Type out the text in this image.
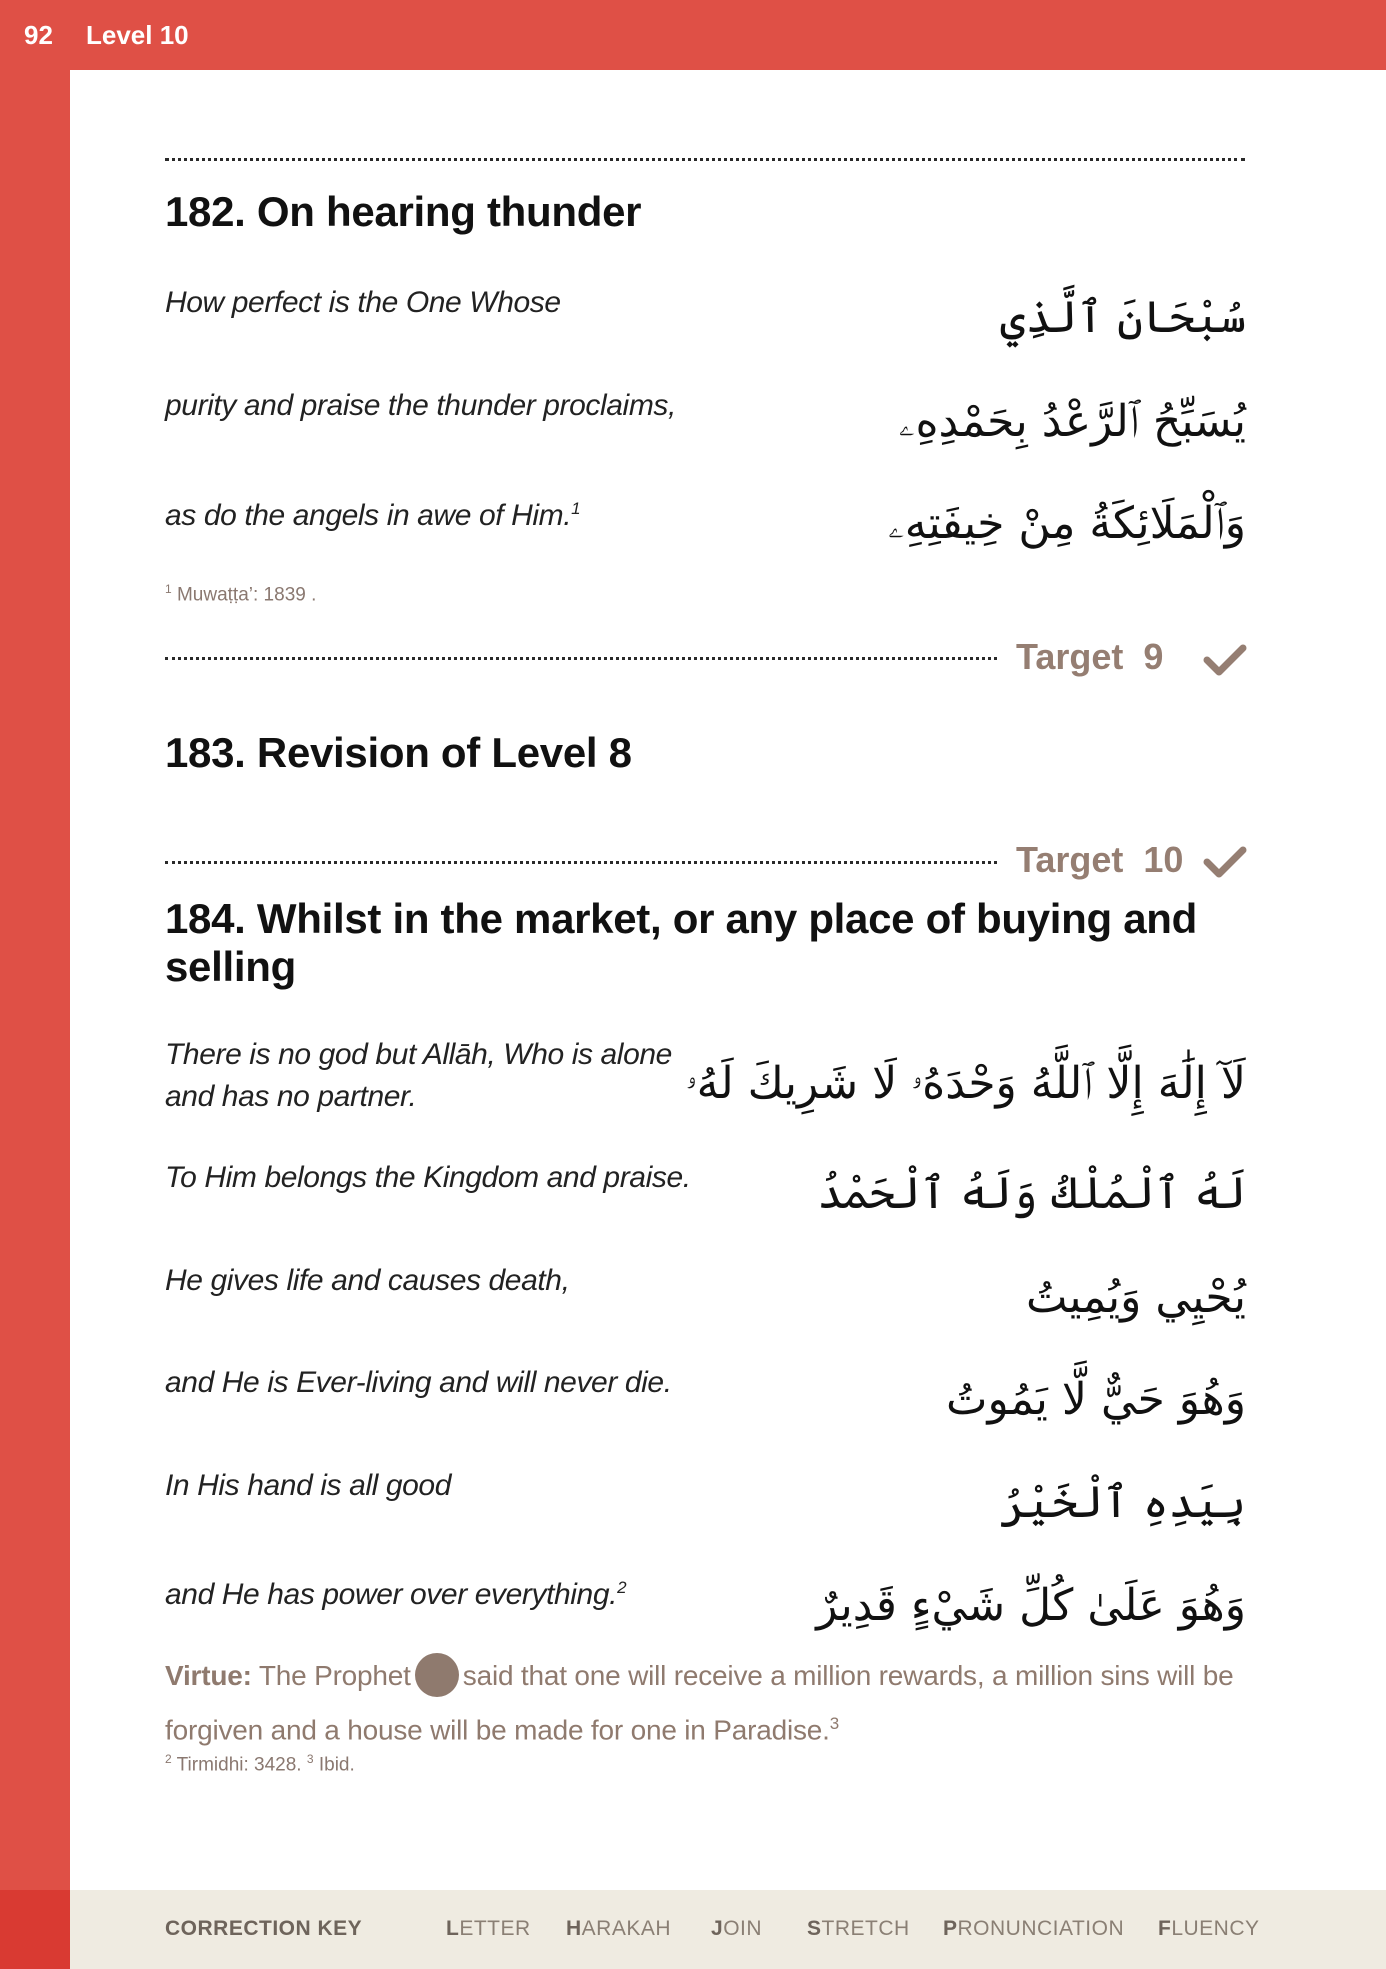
92 Level 10
182. On hearing thunder
How perfect is the One Whose	سُبْحَانَ ٱلَّذِي
purity and praise the thunder proclaims,	يُسَبِّحُ ٱلرَّعْدُ بِحَمْدِهِۦ
as do the angels in awe of Him.$^1$	وَٱلْمَلَائِكَةُ مِنْ خِيفَتِهِۦ
$^1$ Muwaṭṭa’: 1839 .
Target 9
183. Revision of Level 8
Target 10
184. Whilst in the market, or any place of buying and
selling
There is no god but Allāh, Who is alone
and has no partner.	لَآ إِلَٰهَ إِلَّا ٱللَّهُ وَحْدَهُۥ لَا شَرِيكَ لَهُۥ
To Him belongs the Kingdom and praise.	لَهُ ٱلْمُلْكُ وَلَهُ ٱلْحَمْدُ
He gives life and causes death,	يُحْيِي وَيُمِيتُ
and He is Ever-living and will never die.	وَهُوَ حَيٌّ لَّا يَمُوتُ
In His hand is all good	بِيَدِهِ ٱلْخَيْرُ
and He has power over everything.$^2$	وَهُوَ عَلَىٰ كُلِّ شَيْءٍ قَدِيرٌ
Virtue: The Prophet said that one will receive a million rewards, a million sins will be forgiven and a house will be made for one in Paradise.$^3$
$^2$ Tirmidhi: 3428. $^3$ Ibid.
CORRECTION KEY	LETTER HARAKAH JOIN STRETCH PRONUNCIATION FLUENCY
